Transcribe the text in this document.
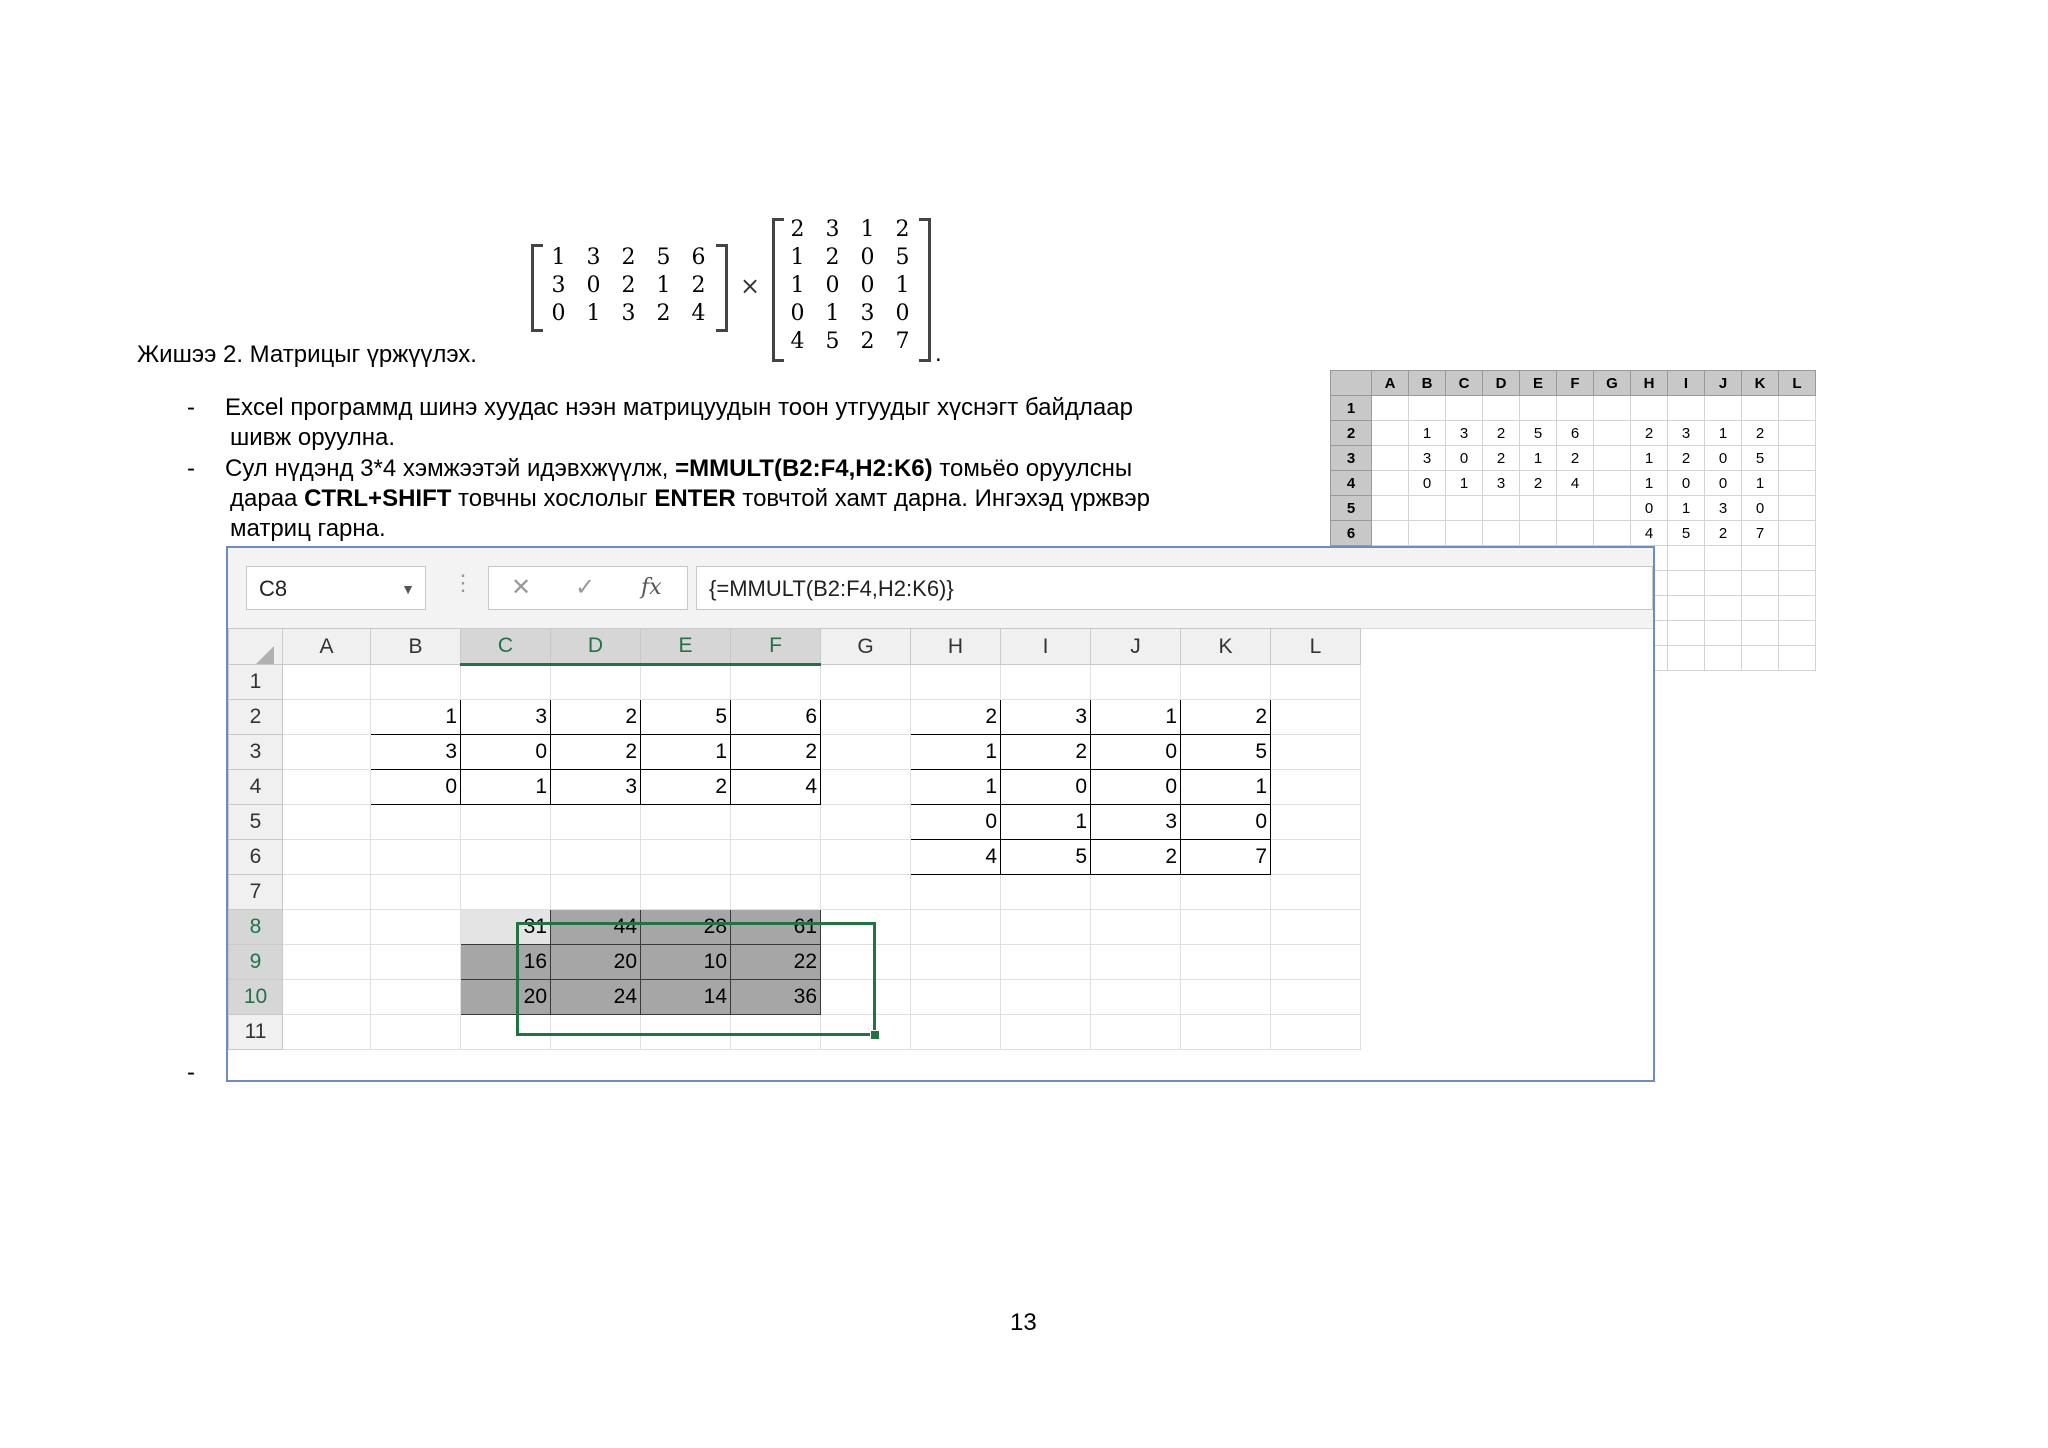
1	3	2	5	6
3	0	2	1	2
0	1	3	2	4
×
2	3	1	2
1	2	0	5
1	0	0	1
0	1	3	0
4	5	2	7 .
Жишээ 2. Матрицыг үржүүлэх.
- Excel программд шинэ хуудас нээн матрицуудын тоон утгуудыг хүснэгт байдлаар
шивж оруулна.
- Сул нүдэнд 3*4 хэмжээтэй идэвхжүүлж, =MMULT(B2:F4,H2:K6) томьёо оруулсны
дараа CTRL+SHIFT товчны хослолыг ENTER товчтой хамт дарна. Ингэхэд үржвэр
матриц гарна.
-
	A	B	C	D	E	F	G	H	I	J	K	L
1												
2		1	3	2	5	6		2	3	1	2	
3		3	0	2	1	2		1	2	0	5	
4		0	1	3	2	4		1	0	0	1	
5								0	1	3	0	
6								4	5	2	7	

C8	▼ ⋮ ✕ ✓ fx	{=MMULT(B2:F4,H2:K6)}
	A	B	C	D	E	F	G	H	I	J	K	L
1												
2		1	3	2	5	6		2	3	1	2	
3		3	0	2	1	2		1	2	0	5	
4		0	1	3	2	4		1	0	0	1	
5								0	1	3	0	
6								4	5	2	7	
7												
8			31	44	28	61						
9			16	20	10	22						
10			20	24	14	36						
11												
13
